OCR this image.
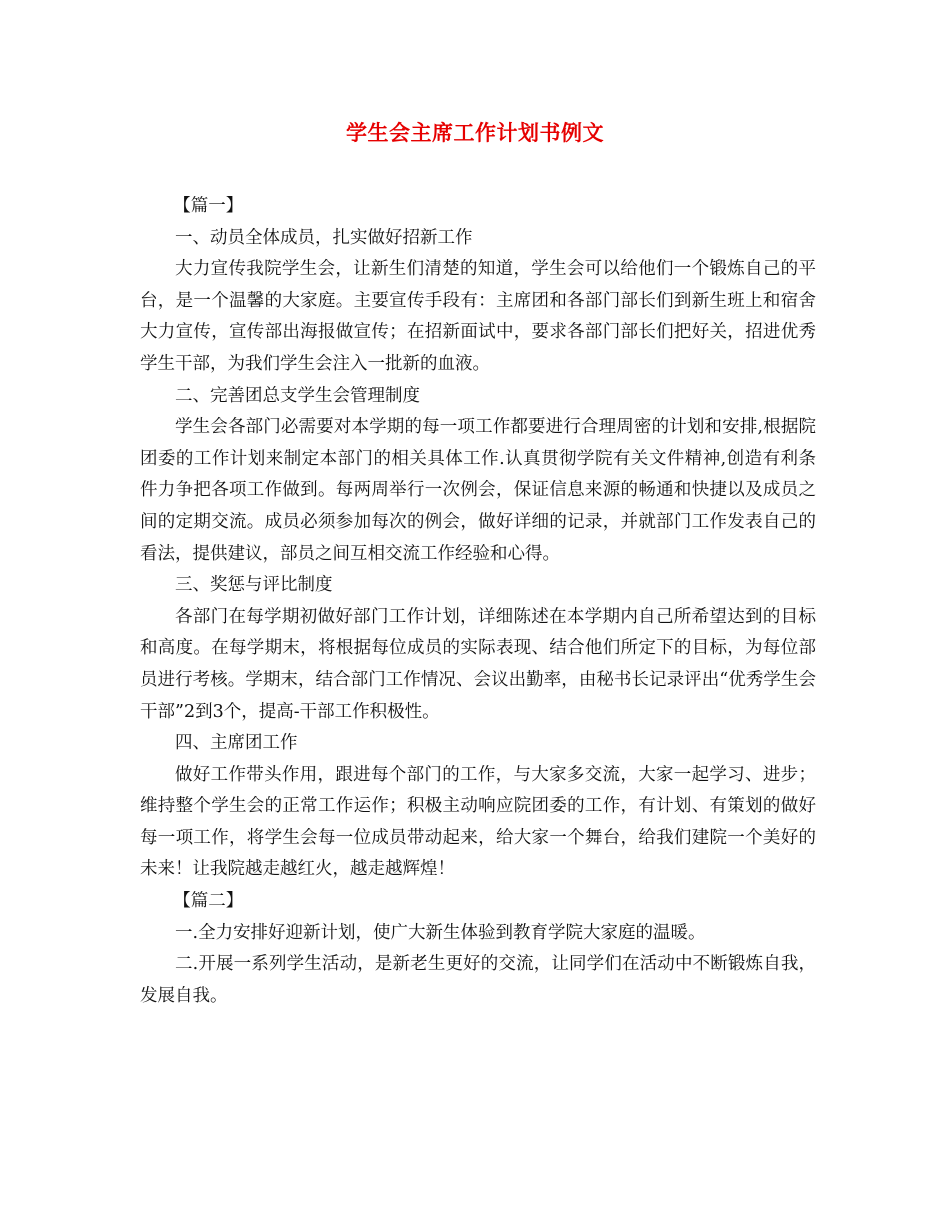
学生会主席工作计划书例文

【篇一】

一、动员全体成员，扎实做好招新工作

大力宣传我院学生会，让新生们清楚的知道，学生会可以给他们一个锻炼自己的平台，是一个温馨的大家庭。主要宣传手段有：主席团和各部门部长们到新生班上和宿舍大力宣传，宣传部出海报做宣传；在招新面试中，要求各部门部长们把好关，招进优秀学生干部，为我们学生会注入一批新的血液。

二、完善团总支学生会管理制度

学生会各部门必需要对本学期的每一项工作都要进行合理周密的计划和安排,根据院团委的工作计划来制定本部门的相关具体工作.认真贯彻学院有关文件精神,创造有利条件力争把各项工作做到。每两周举行一次例会，保证信息来源的畅通和快捷以及成员之间的定期交流。成员必须参加每次的例会，做好详细的记录，并就部门工作发表自己的看法，提供建议，部员之间互相交流工作经验和心得。

三、奖惩与评比制度

各部门在每学期初做好部门工作计划，详细陈述在本学期内自己所希望达到的目标和高度。在每学期末，将根据每位成员的实际表现、结合他们所定下的目标，为每位部员进行考核。学期末，结合部门工作情况、会议出勤率，由秘书长记录评出“优秀学生会干部”2到3个，提高-干部工作积极性。

四、主席团工作

做好工作带头作用，跟进每个部门的工作，与大家多交流，大家一起学习、进步；维持整个学生会的正常工作运作；积极主动响应院团委的工作，有计划、有策划的做好每一项工作，将学生会每一位成员带动起来，给大家一个舞台，给我们建院一个美好的未来！让我院越走越红火，越走越辉煌！

【篇二】

一.全力安排好迎新计划，使广大新生体验到教育学院大家庭的温暖。

二.开展一系列学生活动，是新老生更好的交流，让同学们在活动中不断锻炼自我，发展自我。
